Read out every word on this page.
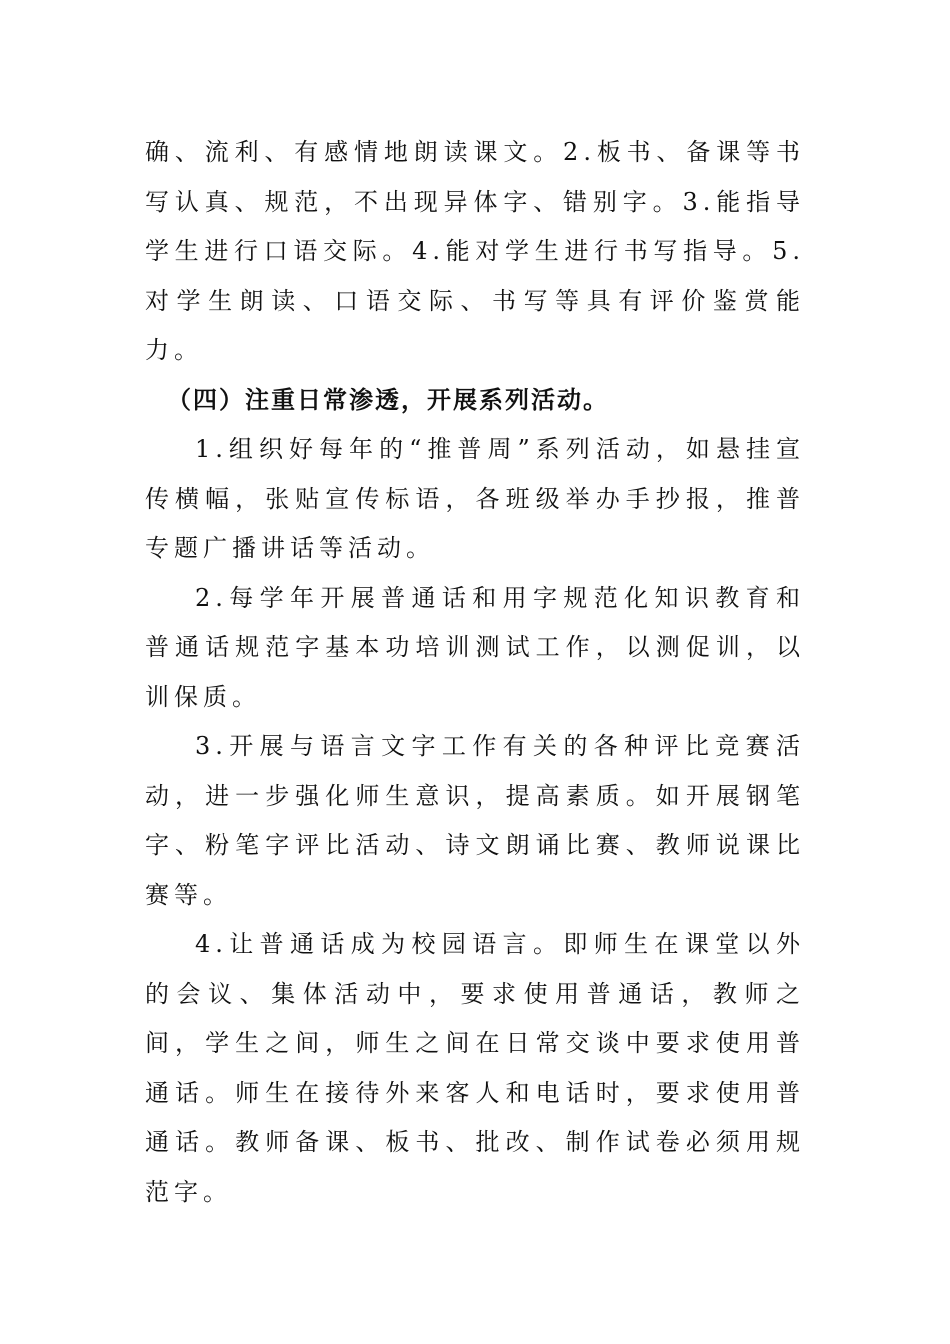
确、流利、有感情地朗读课文。2.板书、备课等书写认真、规范，不出现异体字、错别字。3.能指导学生进行口语交际。4.能对学生进行书写指导。5.对学生朗读、口语交际、书写等具有评价鉴赏能力。

（四）注重日常渗透，开展系列活动。

1.组织好每年的“推普周”系列活动，如悬挂宣传横幅，张贴宣传标语，各班级举办手抄报，推普专题广播讲话等活动。

2.每学年开展普通话和用字规范化知识教育和普通话规范字基本功培训测试工作，以测促训，以训保质。

3.开展与语言文字工作有关的各种评比竞赛活动，进一步强化师生意识，提高素质。如开展钢笔字、粉笔字评比活动、诗文朗诵比赛、教师说课比赛等。

4.让普通话成为校园语言。即师生在课堂以外的会议、集体活动中，要求使用普通话，教师之间，学生之间，师生之间在日常交谈中要求使用普通话。师生在接待外来客人和电话时，要求使用普通话。教师备课、板书、批改、制作试卷必须用规范字。
